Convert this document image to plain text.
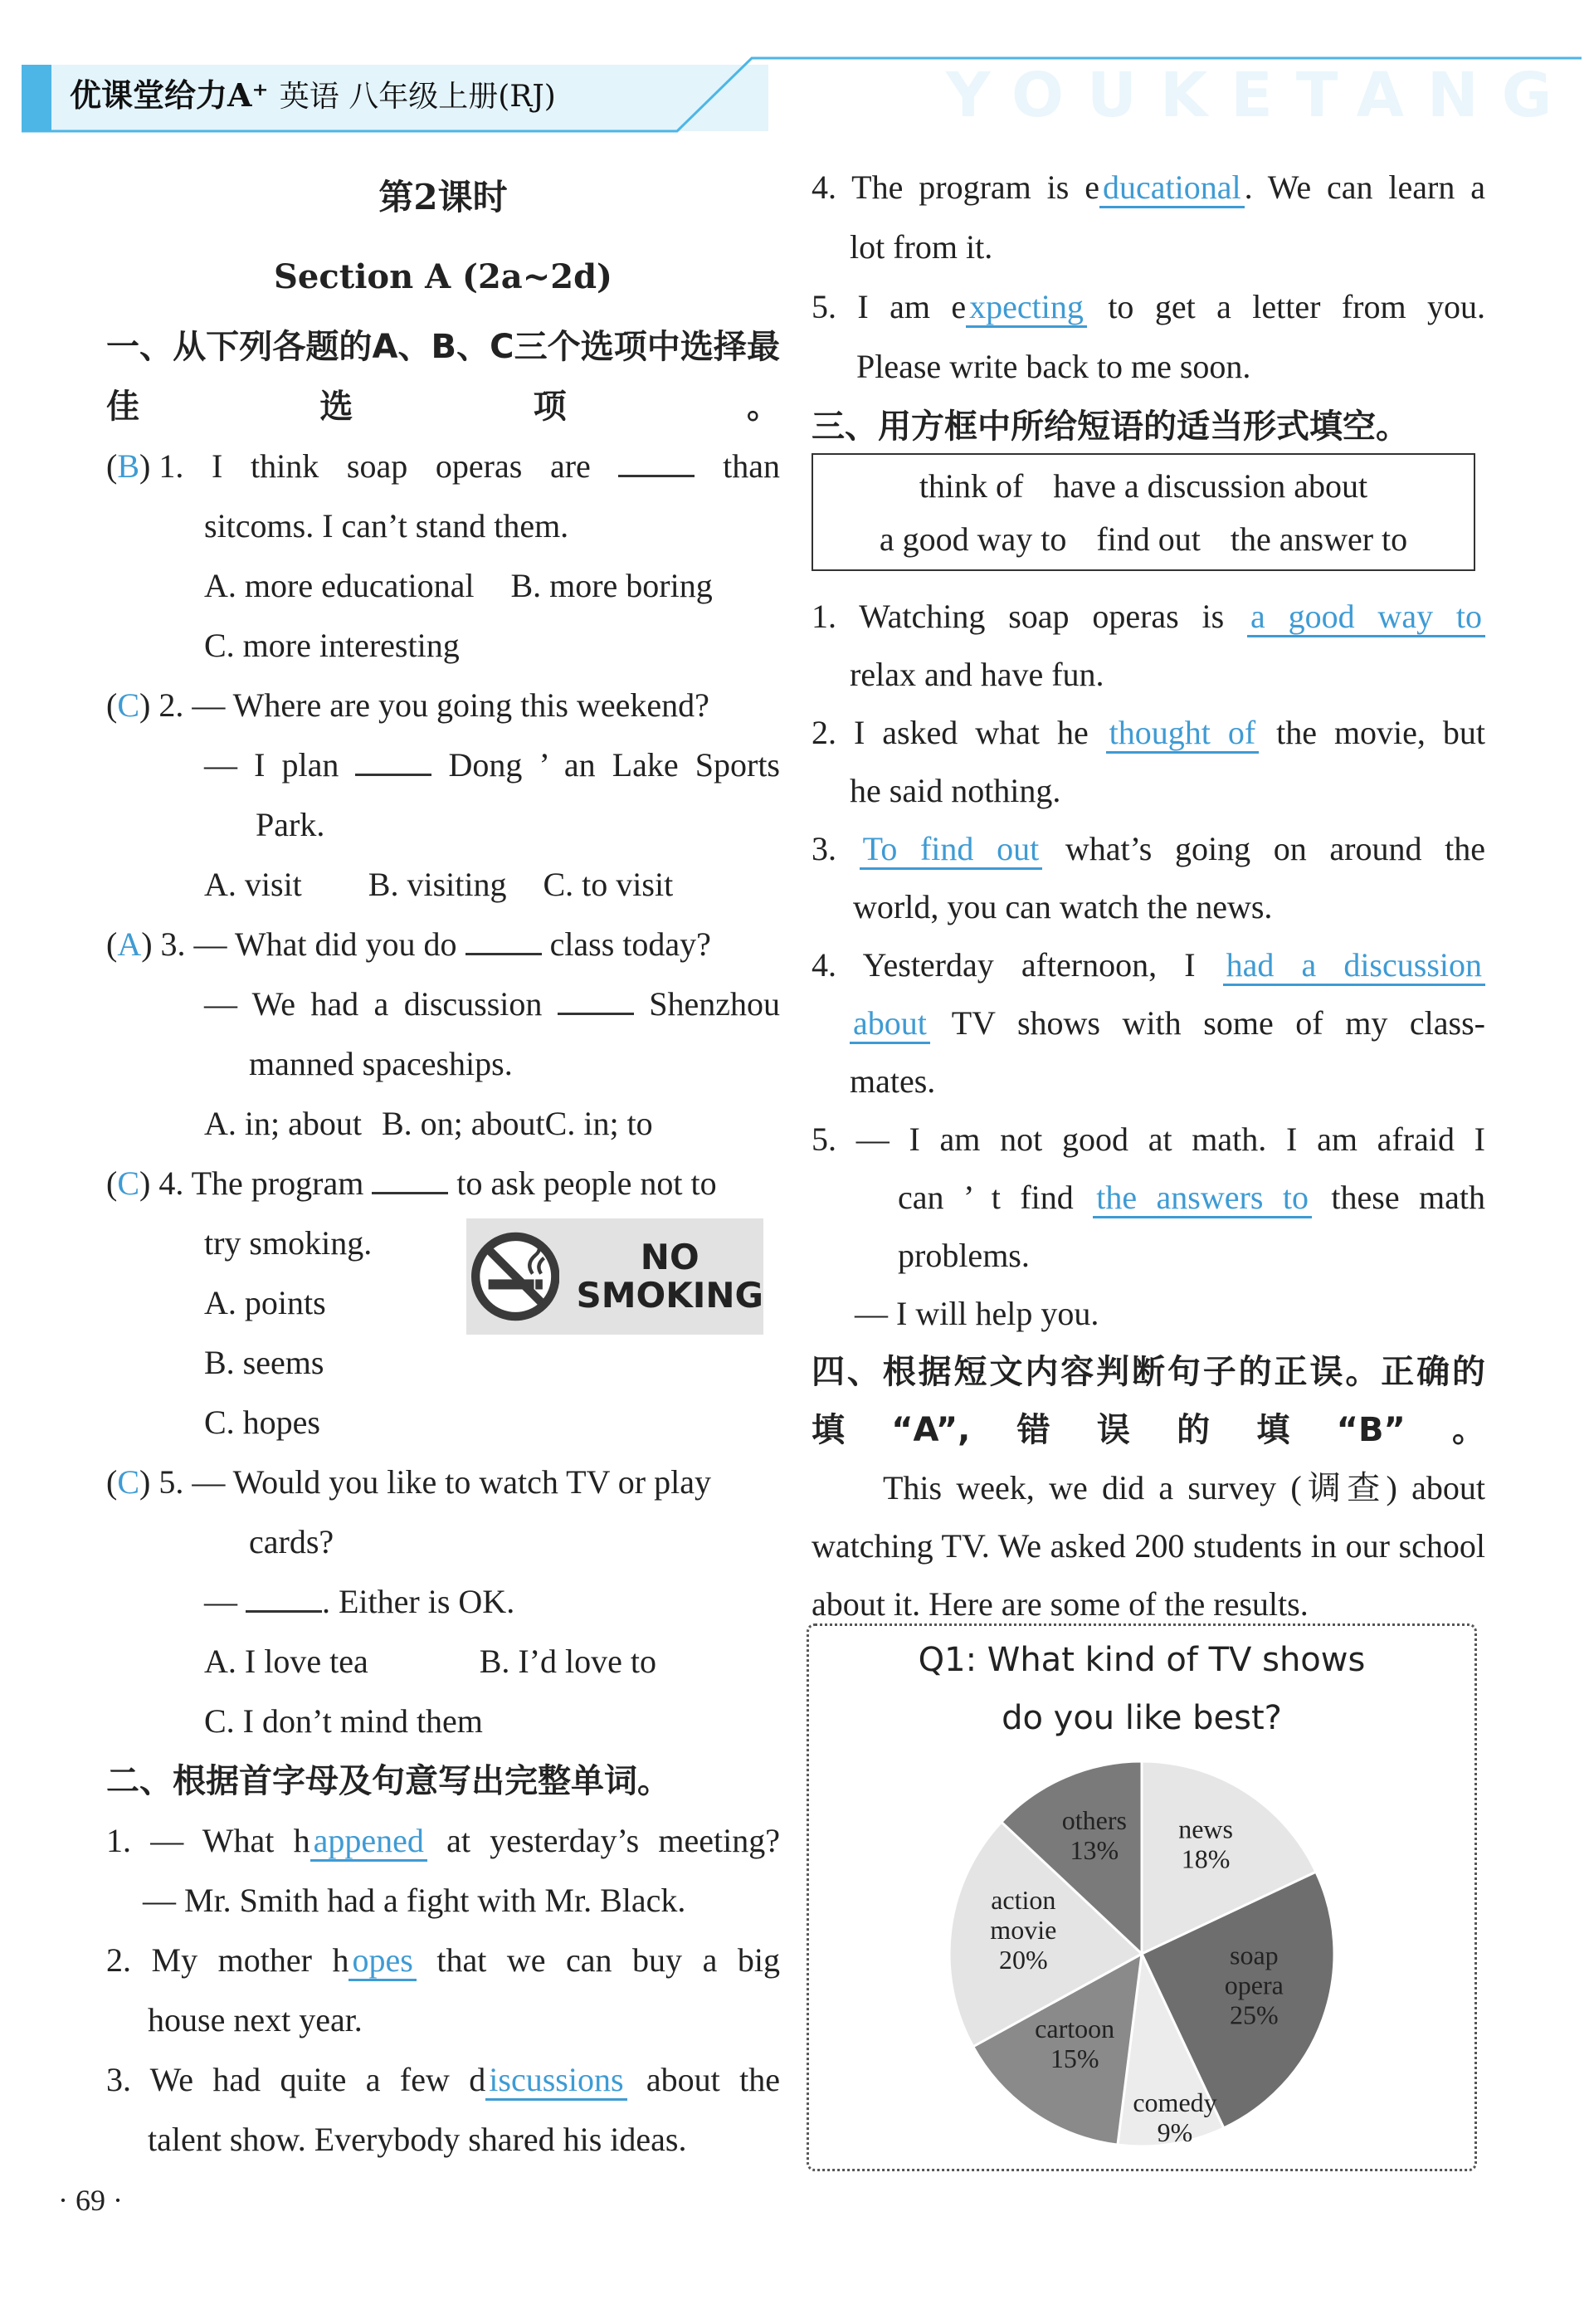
YOUKETANG
优课堂给力A⁺ 英语 八年级上册(RJ)
第2课时
Section A (2a~2d)
一、从下列各题的A、B、C三个选项中选择最佳选项。
(B) 1. I think soap operas are	than
sitcoms. I can’t stand them.
A. more educational B. more boring
C. more interesting
(C) 2. — Where are you going this weekend?
— I plan	Dong ’ an Lake Sports
Park.
A. visit B. visiting C. to visit
(A) 3. — What did you do	class today?
— We had a discussion	Shenzhou
manned spaceships.
A. in; about B. on; about C. in; to
(C) 4. The program	to ask people not to
try smoking.
A. points
B. seems
C. hopes
(C) 5. — Would you like to watch TV or play
cards?
—	. Either is OK.
A. I love tea	B. I’d love to
C. I don’t mind them
二、根据首字母及句意写出完整单词。
1. — What h appened at yesterday’s meeting?
— Mr. Smith had a fight with Mr. Black.
2. My mother h opes that we can buy a big
house next year.
3. We had quite a few d iscussions about the
talent show. Everybody shared his ideas.
NO
SMOKING
4. The program is e ducational . We can learn a
lot from it.
5. I am e xpecting to get a letter from you.
Please write back to me soon.
三、用方框中所给短语的适当形式填空。
think of have a discussion about
a good way to find out the answer to
1. Watching soap operas is a good way to
relax and have fun.
2. I asked what he thought of the movie, but
he said nothing.
3. To find out what’s going on around the
world, you can watch the news.
4. Yesterday afternoon, I had a discussion
about TV shows with some of my class-
mates.
5. — I am not good at math. I am afraid I
can ’ t find the answers to these math
problems.
— I will help you.
四、根据短文内容判断句子的正误。正确的填“A”,错误的填“B”。
This week, we did a survey (调查) about watching TV. We asked 200 students in our school about it. Here are some of the results.
Q1: What kind of TV shows
do you like best?
news 18%
soap opera 25%
comedy 9%
cartoon 15%
action movie 20%
others 13%
· 69 ·
